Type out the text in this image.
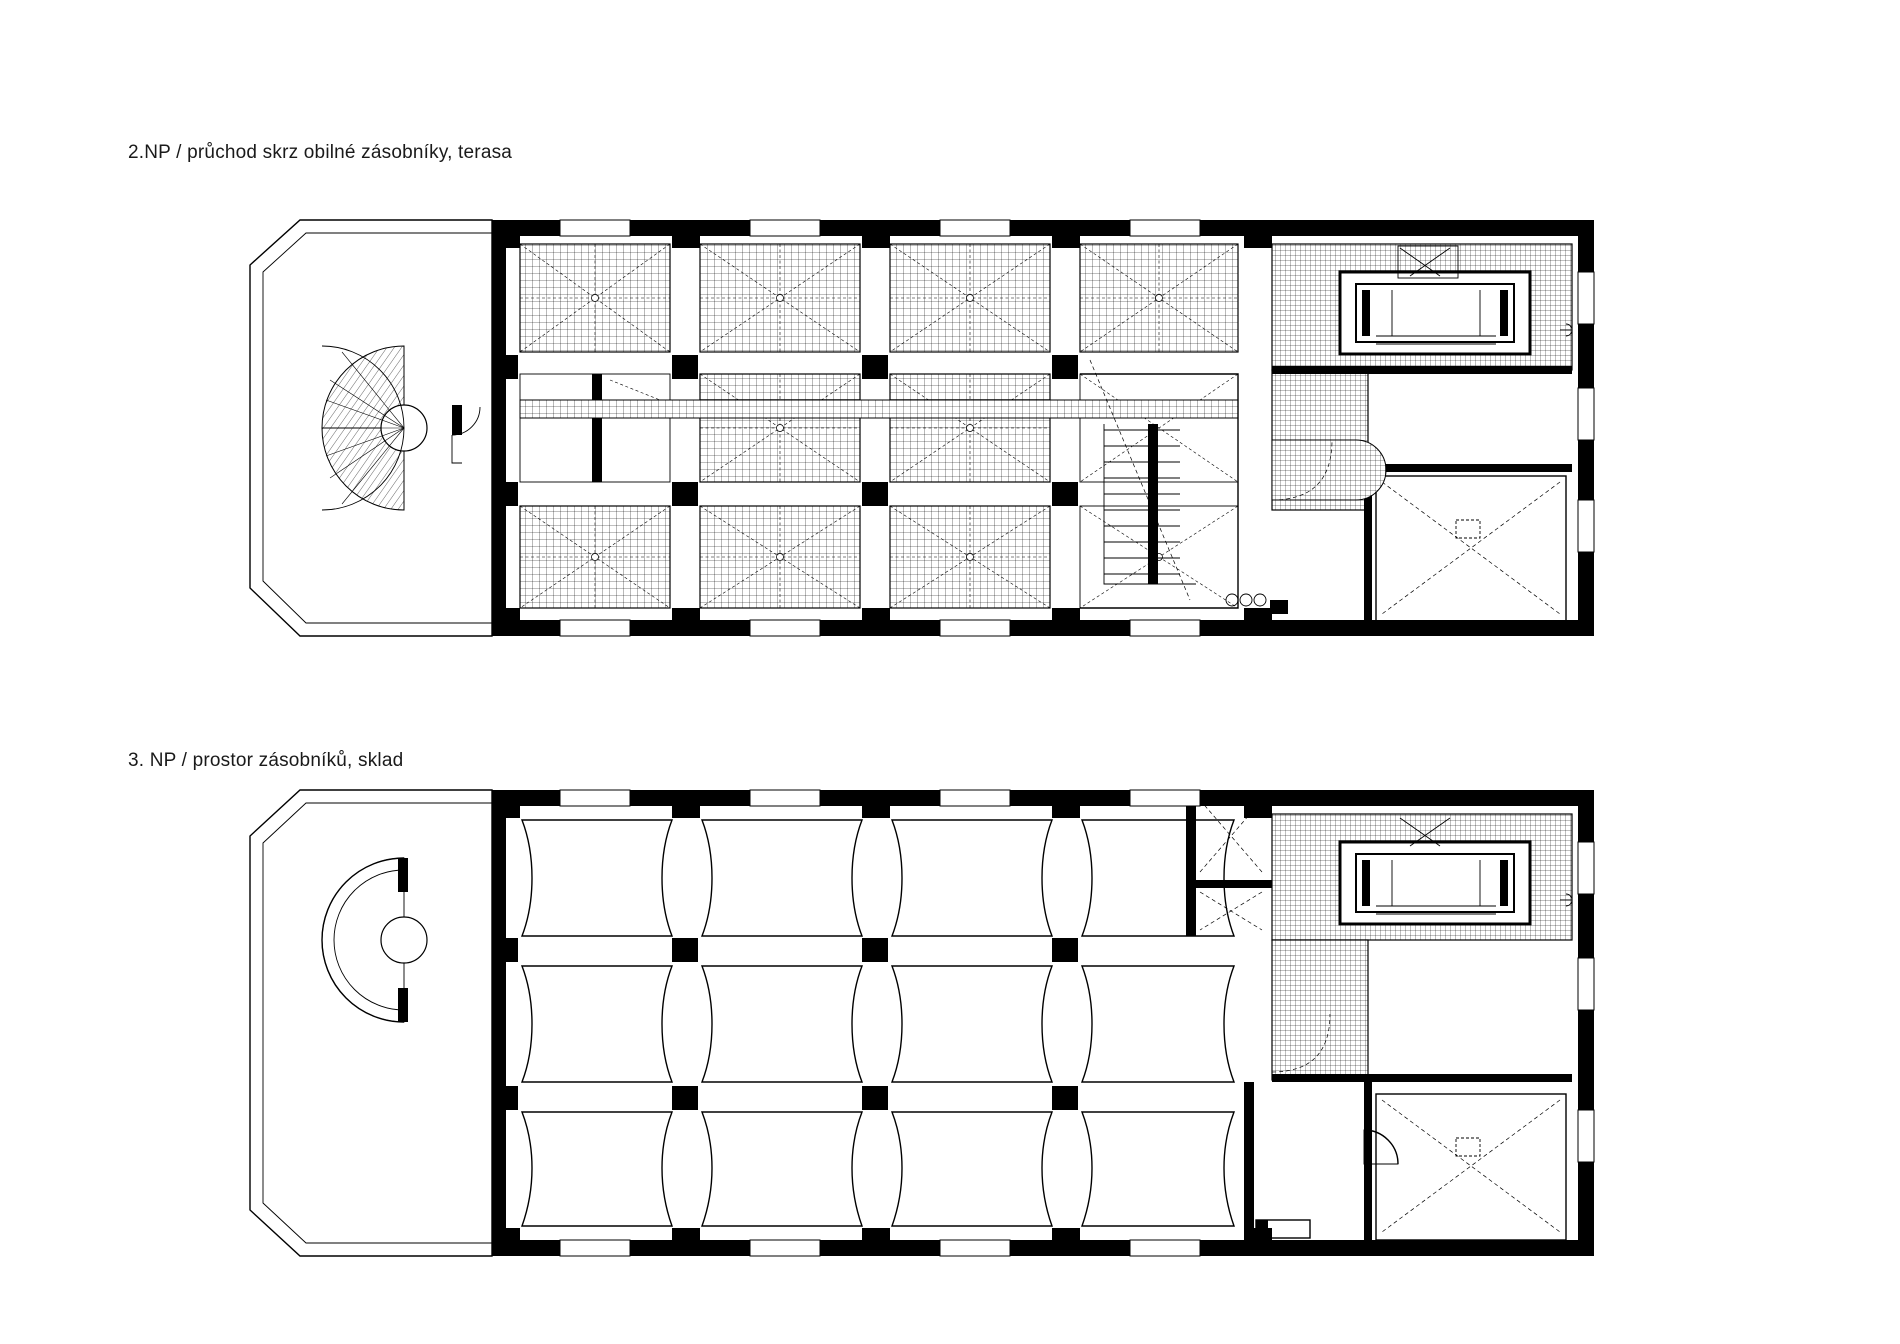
2.NP / průchod skrz obilné zásobníky, terasa
3. NP / prostor zásobníků, sklad
